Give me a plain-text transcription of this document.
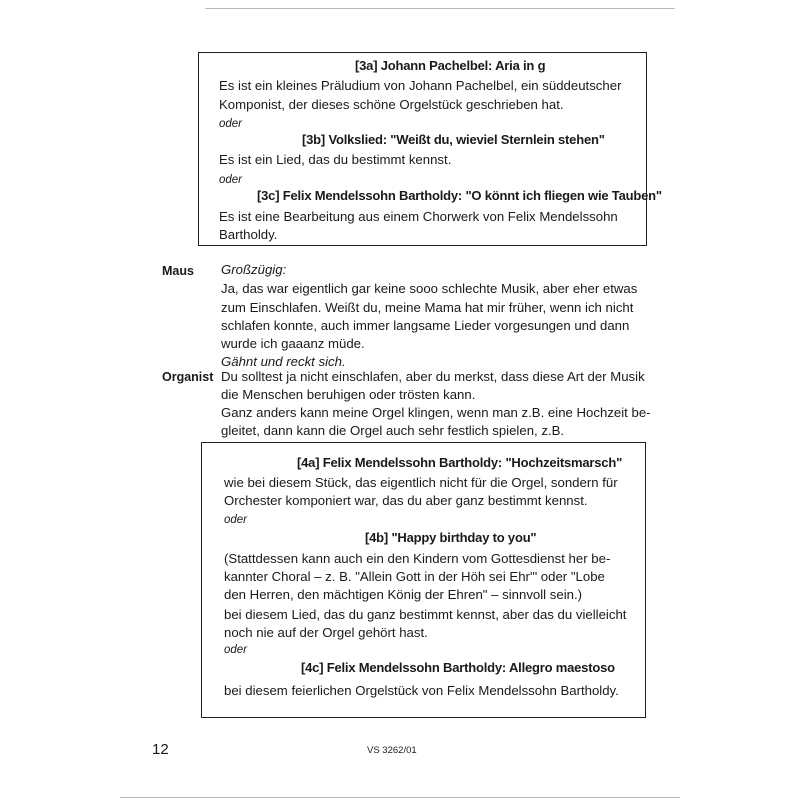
[3a] Johann Pachelbel: Aria in g
Es ist ein kleines Präludium von Johann Pachelbel, ein süddeutscher
Komponist, der dieses schöne Orgelstück geschrieben hat.
oder
[3b] Volkslied: "Weißt du, wieviel Sternlein stehen"
Es ist ein Lied, das du bestimmt kennst.
oder
[3c] Felix Mendelssohn Bartholdy: "O könnt ich fliegen wie Tauben"
Es ist eine Bearbeitung aus einem Chorwerk von Felix Mendelssohn
Bartholdy.
Maus Großzügig:
Ja, das war eigentlich gar keine sooo schlechte Musik, aber eher etwas
zum Einschlafen. Weißt du, meine Mama hat mir früher, wenn ich nicht
schlafen konnte, auch immer langsame Lieder vorgesungen und dann
wurde ich gaaanz müde.
Gähnt und reckt sich.
Organist Du solltest ja nicht einschlafen, aber du merkst, dass diese Art der Musik
die Menschen beruhigen oder trösten kann.
Ganz anders kann meine Orgel klingen, wenn man z.B. eine Hochzeit be-
gleitet, dann kann die Orgel auch sehr festlich spielen, z.B.
[4a] Felix Mendelssohn Bartholdy: "Hochzeitsmarsch"
wie bei diesem Stück, das eigentlich nicht für die Orgel, sondern für
Orchester komponiert war, das du aber ganz bestimmt kennst.
oder
[4b] "Happy birthday to you"
(Stattdessen kann auch ein den Kindern vom Gottesdienst her be-
kannter Choral – z. B. "Allein Gott in der Höh sei Ehr'" oder "Lobe
den Herren, den mächtigen König der Ehren" – sinnvoll sein.)
bei diesem Lied, das du ganz bestimmt kennst, aber das du vielleicht
noch nie auf der Orgel gehört hast.
oder
[4c] Felix Mendelssohn Bartholdy: Allegro maestoso
bei diesem feierlichen Orgelstück von Felix Mendelssohn Bartholdy.
12	VS 3262/01
